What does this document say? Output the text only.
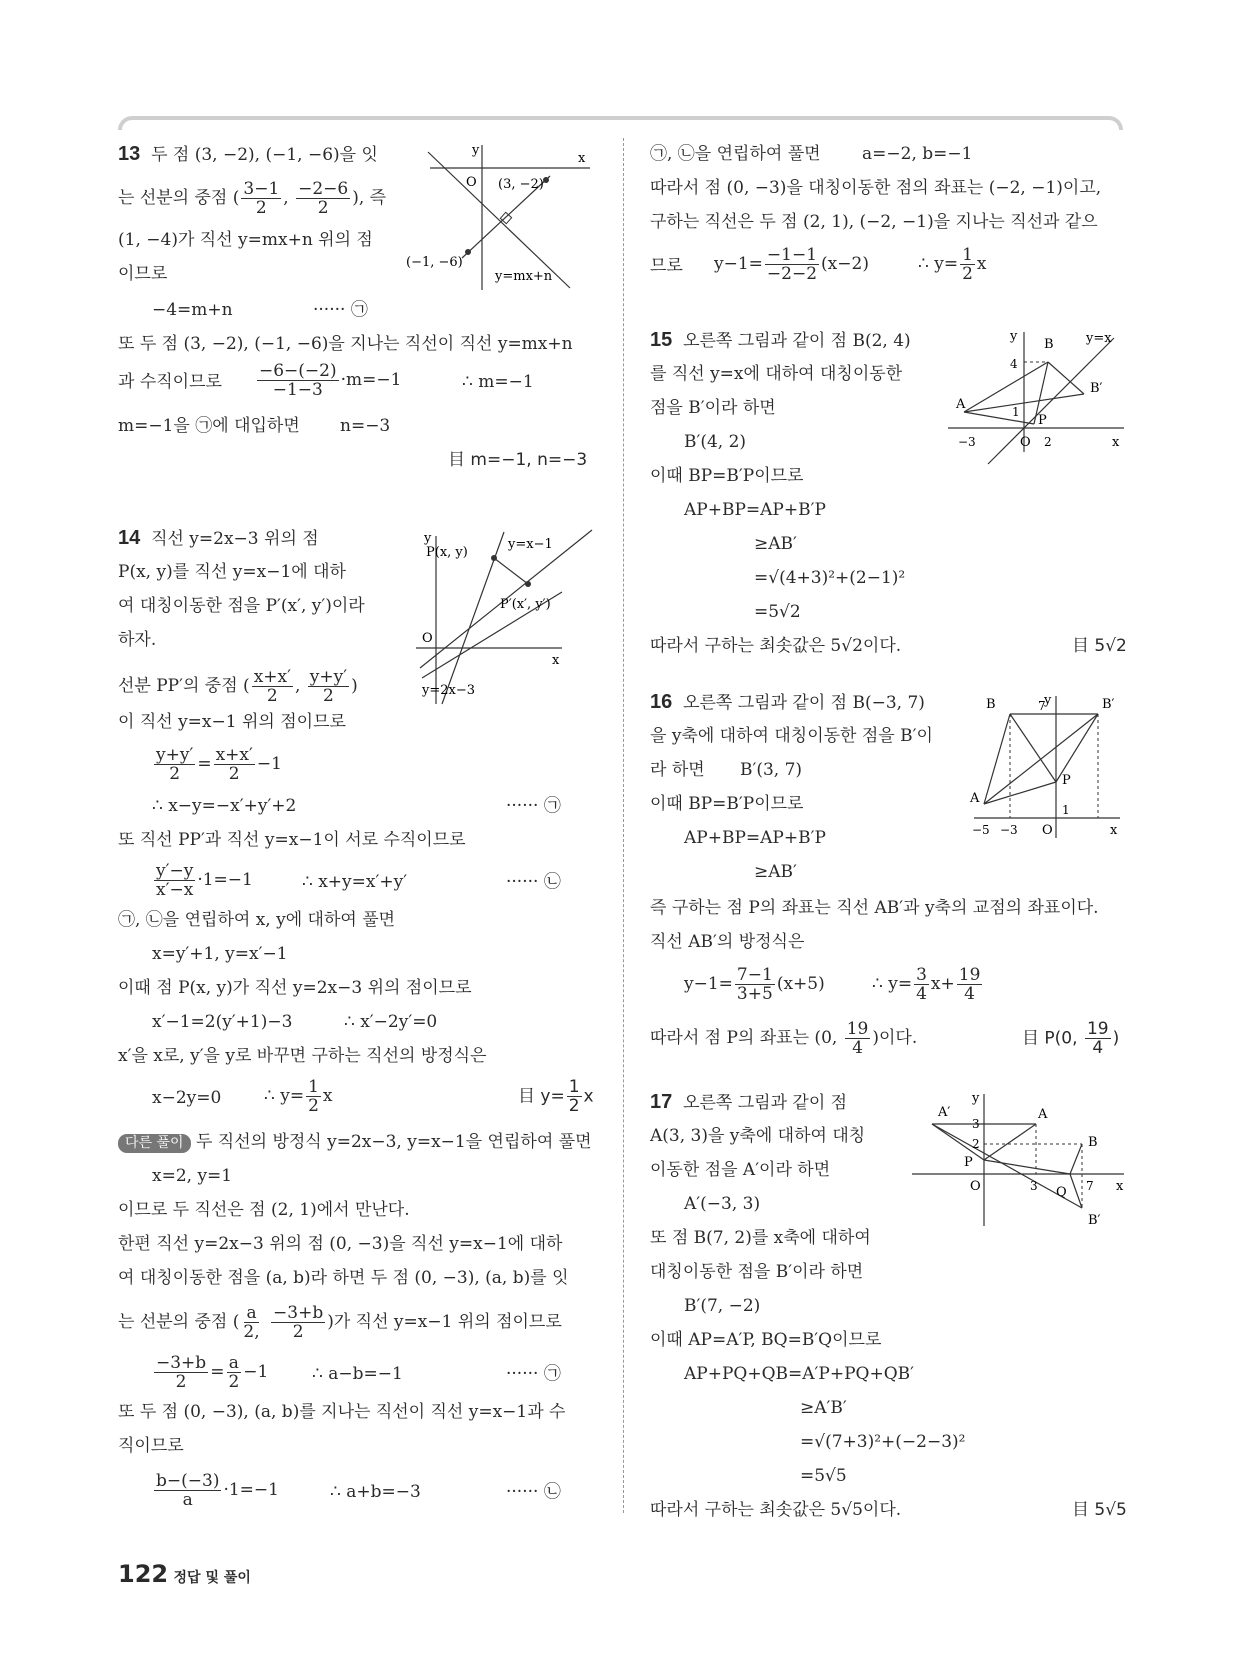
13 두 점 (3, −2), (−1, −6)을 잇
는 선분의 중점 ( $\frac{3-1}{2}$ , $\frac{-2-6}{2}$ ), 즉
(1, −4)가 직선 y=mx+n 위의 점
이므로
−4=m+n	······ ㉠
또 두 점 (3, −2), (−1, −6)을 지나는 직선이 직선 y=mx+n
과 수직이므로 $\frac{-6-(-2)}{-1-3} \cdot m=-1$	∴ m=−1
m=−1을 ㉠에 대입하면 n=−3
目 m=−1, n=−3
y
x
O (3, −2)
(−1, −6)
y=mx+n
14 직선 y=2x−3 위의 점
P(x, y)를 직선 y=x−1에 대하
여 대칭이동한 점을 P′(x′, y′)이라
하자.
선분 PP′의 중점 ( $\frac{x+x'}{2}$ , $\frac{y+y'}{2}$ )
이 직선 y=x−1 위의 점이므로
$\frac{y+y'}{2} = \frac{x+x'}{2} -1$
∴ x−y=−x′+y′+2	······ ㉠
또 직선 PP′과 직선 y=x−1이 서로 수직이므로
$\frac{y'-y}{x'-x} \cdot 1=-1$	∴ x+y=x′+y′	······ ㉡
㉠, ㉡을 연립하여 x, y에 대하여 풀면
x=y′+1, y=x′−1
이때 점 P(x, y)가 직선 y=2x−3 위의 점이므로
x′−1=2(y′+1)−3	∴ x′−2y′=0
x′을 x로, y′을 y로 바꾸면 구하는 직선의 방정식은
x−2y=0	∴ $y= \frac{1}{2}$ x	目 $y= \frac{1}{2}$ x
다른 풀이 두 직선의 방정식 y=2x−3, y=x−1을 연립하여 풀면
x=2, y=1
이므로 두 직선은 점 (2, 1)에서 만난다.
한편 직선 y=2x−3 위의 점 (0, −3)을 직선 y=x−1에 대하
여 대칭이동한 점을 (a, b)라 하면 두 점 (0, −3), (a, b)를 잇
는 선분의 중점 ( $\frac{a}{2,}$
$\frac{-3+b}{2}$ )가 직선 y=x−1 위의 점이므로
$\frac{-3+b}{2} = \frac{a}{2} -1$	∴ a−b=−1	······ ㉠
또 두 점 (0, −3), (a, b)를 지나는 직선이 직선 y=x−1과 수
직이므로
$\frac{b-(-3)}{a} \cdot 1=-1$	∴ a+b=−3	······ ㉡
y
x
O
P(x, y)
P′(x′, y′)
y=x−1
y=2x−3
㉠, ㉡을 연립하여 풀면 a=−2, b=−1
따라서 점 (0, −3)을 대칭이동한 점의 좌표는 (−2, −1)이고,
구하는 직선은 두 점 (2, 1), (−2, −1)을 지나는 직선과 같으
므로 $y-1= \frac{-1-1}{-2-2} (x-2)$	∴ $y= \frac{1}{2}$ x
15 오른쪽 그림과 같이 점 B(2, 4)
를 직선 y=x에 대하여 대칭이동한
점을 B′이라 하면
B′(4, 2)
이때 BP=B′P이므로
AP+BP=AP+B′P
≥AB′
=√(4+3)²+(2−1)²
=5√2
따라서 구하는 최솟값은 5√2이다.	目 5√2
y
x
O
B
B′
A
P
y=x
4
1
−3	2
16 오른쪽 그림과 같이 점 B(−3, 7)
을 y축에 대하여 대칭이동한 점을 B′이
라 하면 B′(3, 7)
이때 BP=B′P이므로
AP+BP=AP+B′P
≥AB′
즉 구하는 점 P의 좌표는 직선 AB′과 y축의 교점의 좌표이다.
직선 AB′의 방정식은
$y-1= \frac{7-1}{3+5} (x+5)$	∴ $y= \frac{3}{4} x+ \frac{19}{4}$
따라서 점 P의 좌표는 (0, $\frac{19}{4}$ )이다.	目 P(0, $\frac{19}{4}$ )
y
x
O
B	B′
A
P
7
1
−5 −3
17 오른쪽 그림과 같이 점
A(3, 3)을 y축에 대하여 대칭
이동한 점을 A′이라 하면
A′(−3, 3)
또 점 B(7, 2)를 x축에 대하여
대칭이동한 점을 B′이라 하면
B′(7, −2)
이때 AP=A′P, BQ=B′Q이므로
AP+PQ+QB=A′P+PQ+QB′
≥A′B′
=√(7+3)²+(−2−3)²
=5√5
따라서 구하는 최솟값은 5√5이다.	目 5√5
y
x
O
A′	A
B
B′
P
Q
3
2
3	7
122 정답 및 풀이
